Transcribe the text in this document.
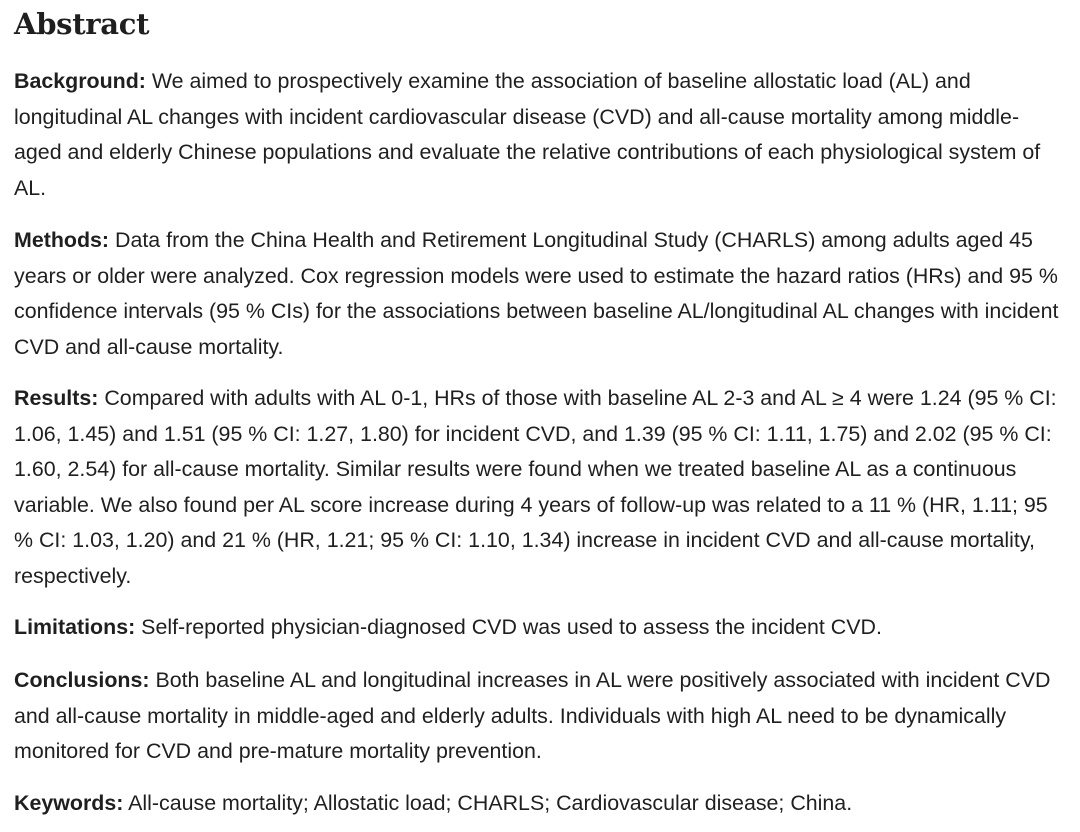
Abstract

Background: We aimed to prospectively examine the association of baseline allostatic load (AL) and longitudinal AL changes with incident cardiovascular disease (CVD) and all-cause mortality among middle-aged and elderly Chinese populations and evaluate the relative contributions of each physiological system of AL.

Methods: Data from the China Health and Retirement Longitudinal Study (CHARLS) among adults aged 45 years or older were analyzed. Cox regression models were used to estimate the hazard ratios (HRs) and 95 % confidence intervals (95 % CIs) for the associations between baseline AL/longitudinal AL changes with incident CVD and all-cause mortality.

Results: Compared with adults with AL 0-1, HRs of those with baseline AL 2-3 and AL ≥ 4 were 1.24 (95 % CI: 1.06, 1.45) and 1.51 (95 % CI: 1.27, 1.80) for incident CVD, and 1.39 (95 % CI: 1.11, 1.75) and 2.02 (95 % CI: 1.60, 2.54) for all-cause mortality. Similar results were found when we treated baseline AL as a continuous variable. We also found per AL score increase during 4 years of follow-up was related to a 11 % (HR, 1.11; 95 % CI: 1.03, 1.20) and 21 % (HR, 1.21; 95 % CI: 1.10, 1.34) increase in incident CVD and all-cause mortality, respectively.

Limitations: Self-reported physician-diagnosed CVD was used to assess the incident CVD.

Conclusions: Both baseline AL and longitudinal increases in AL were positively associated with incident CVD and all-cause mortality in middle-aged and elderly adults. Individuals with high AL need to be dynamically monitored for CVD and pre-mature mortality prevention.

Keywords: All-cause mortality; Allostatic load; CHARLS; Cardiovascular disease; China.
